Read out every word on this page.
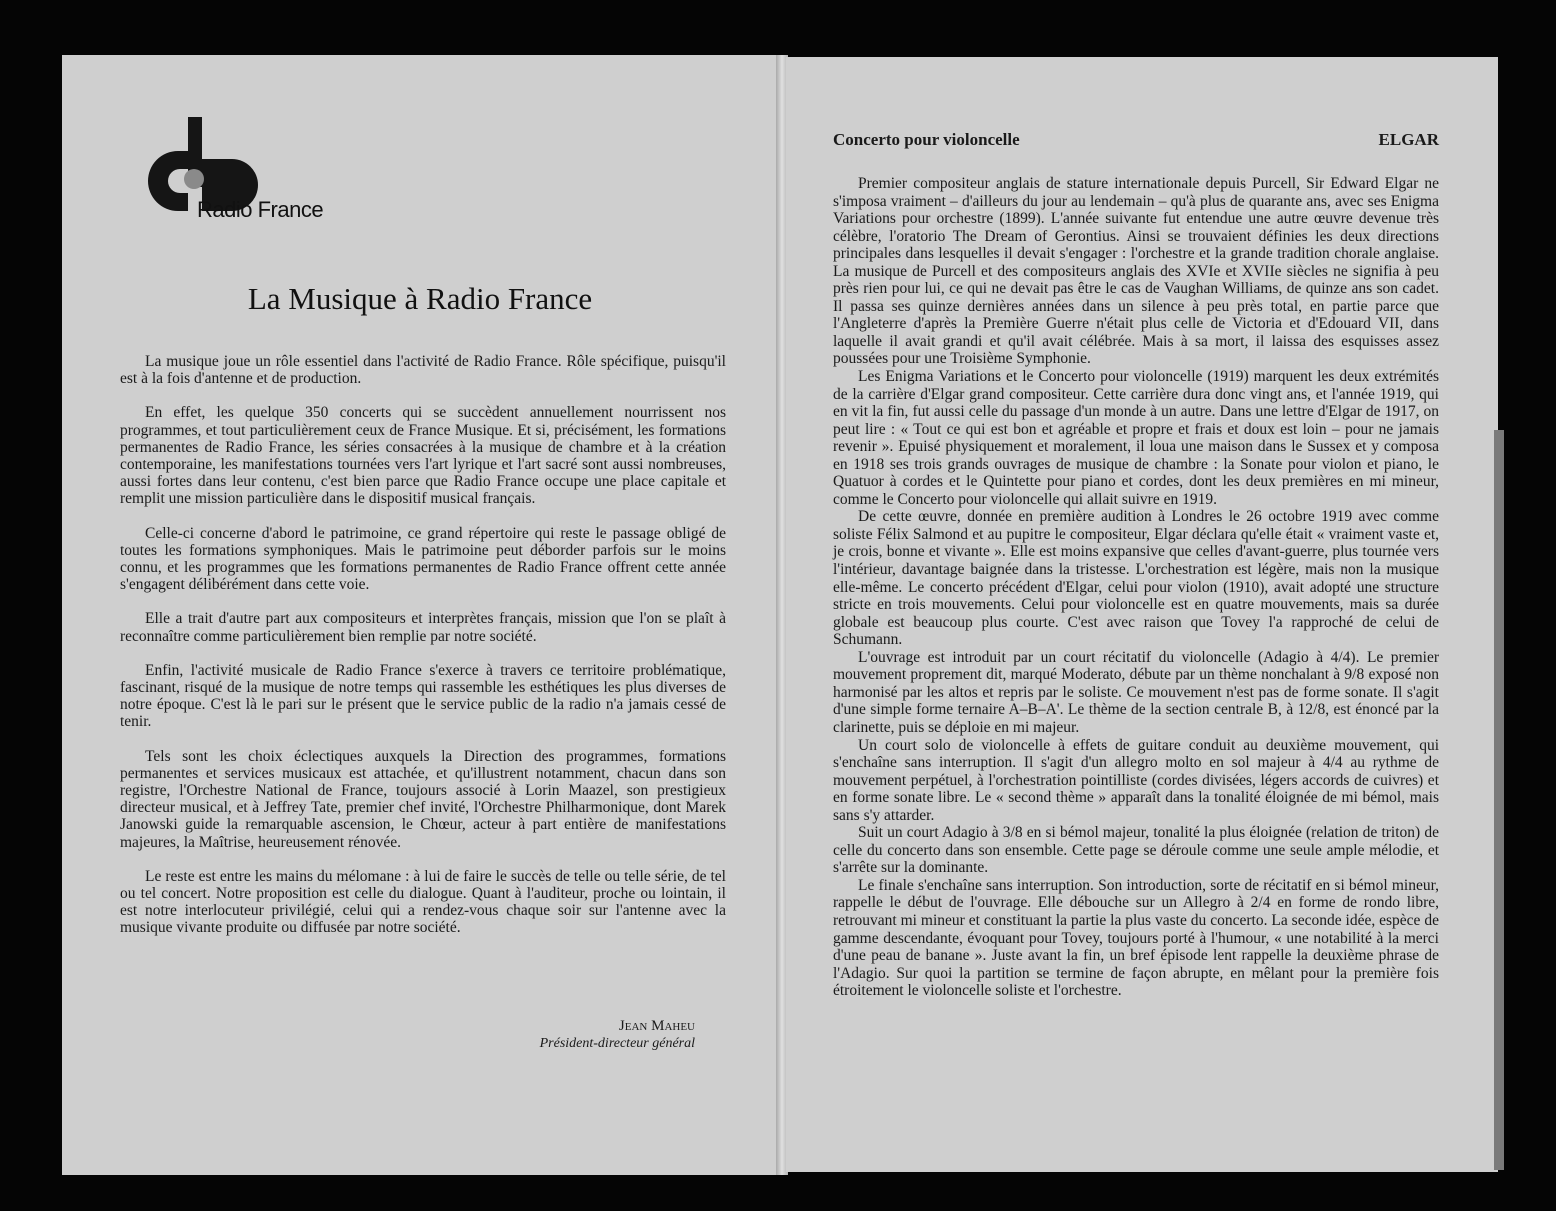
Radio France
La Musique à Radio France

La musique joue un rôle essentiel dans l'activité de Radio France. Rôle spécifique, puisqu'il est à la fois d'antenne et de production.

En effet, les quelque 350 concerts qui se succèdent annuellement nourrissent nos programmes, et tout particulièrement ceux de France Musique. Et si, précisément, les formations permanentes de Radio France, les séries consacrées à la musique de chambre et à la création contemporaine, les manifestations tournées vers l'art lyrique et l'art sacré sont aussi nombreuses, aussi fortes dans leur contenu, c'est bien parce que Radio France occupe une place capitale et remplit une mission particulière dans le dispositif musical français.

Celle-ci concerne d'abord le patrimoine, ce grand répertoire qui reste le passage obligé de toutes les formations symphoniques. Mais le patrimoine peut déborder parfois sur le moins connu, et les programmes que les formations permanentes de Radio France offrent cette année s'engagent délibérément dans cette voie.

Elle a trait d'autre part aux compositeurs et interprètes français, mission que l'on se plaît à reconnaître comme particulièrement bien remplie par notre société.

Enfin, l'activité musicale de Radio France s'exerce à travers ce territoire problématique, fascinant, risqué de la musique de notre temps qui rassemble les esthétiques les plus diverses de notre époque. C'est là le pari sur le présent que le service public de la radio n'a jamais cessé de tenir.

Tels sont les choix éclectiques auxquels la Direction des programmes, formations permanentes et services musicaux est attachée, et qu'illustrent notamment, chacun dans son registre, l'Orchestre National de France, toujours associé à Lorin Maazel, son prestigieux directeur musical, et à Jeffrey Tate, premier chef invité, l'Orchestre Philharmonique, dont Marek Janowski guide la remarquable ascension, le Chœur, acteur à part entière de manifestations majeures, la Maîtrise, heureusement rénovée.

Le reste est entre les mains du mélomane : à lui de faire le succès de telle ou telle série, de tel ou tel concert. Notre proposition est celle du dialogue. Quant à l'auditeur, proche ou lointain, il est notre interlocuteur privilégié, celui qui a rendez-vous chaque soir sur l'antenne avec la musique vivante produite ou diffusée par notre société.

Jean Maheu
Président-directeur général
Concerto pour violoncelle	ELGAR

Premier compositeur anglais de stature internationale depuis Purcell, Sir Edward Elgar ne s'imposa vraiment – d'ailleurs du jour au lendemain – qu'à plus de quarante ans, avec ses Enigma Variations pour orchestre (1899). L'année suivante fut entendue une autre œuvre devenue très célèbre, l'oratorio The Dream of Gerontius. Ainsi se trouvaient définies les deux directions principales dans lesquelles il devait s'engager : l'orchestre et la grande tradition chorale anglaise. La musique de Purcell et des compositeurs anglais des XVIe et XVIIe siècles ne signifia à peu près rien pour lui, ce qui ne devait pas être le cas de Vaughan Williams, de quinze ans son cadet. Il passa ses quinze dernières années dans un silence à peu près total, en partie parce que l'Angleterre d'après la Première Guerre n'était plus celle de Victoria et d'Edouard VII, dans laquelle il avait grandi et qu'il avait célébrée. Mais à sa mort, il laissa des esquisses assez poussées pour une Troisième Symphonie.

Les Enigma Variations et le Concerto pour violoncelle (1919) marquent les deux extrémités de la carrière d'Elgar grand compositeur. Cette carrière dura donc vingt ans, et l'année 1919, qui en vit la fin, fut aussi celle du passage d'un monde à un autre. Dans une lettre d'Elgar de 1917, on peut lire : « Tout ce qui est bon et agréable et propre et frais et doux est loin – pour ne jamais revenir ». Epuisé physiquement et moralement, il loua une maison dans le Sussex et y composa en 1918 ses trois grands ouvrages de musique de chambre : la Sonate pour violon et piano, le Quatuor à cordes et le Quintette pour piano et cordes, dont les deux premières en mi mineur, comme le Concerto pour violoncelle qui allait suivre en 1919.

De cette œuvre, donnée en première audition à Londres le 26 octobre 1919 avec comme soliste Félix Salmond et au pupitre le compositeur, Elgar déclara qu'elle était « vraiment vaste et, je crois, bonne et vivante ». Elle est moins expansive que celles d'avant-guerre, plus tournée vers l'intérieur, davantage baignée dans la tristesse. L'orchestration est légère, mais non la musique elle-même. Le concerto précédent d'Elgar, celui pour violon (1910), avait adopté une structure stricte en trois mouvements. Celui pour violoncelle est en quatre mouvements, mais sa durée globale est beaucoup plus courte. C'est avec raison que Tovey l'a rapproché de celui de Schumann.

L'ouvrage est introduit par un court récitatif du violoncelle (Adagio à 4/4). Le premier mouvement proprement dit, marqué Moderato, débute par un thème nonchalant à 9/8 exposé non harmonisé par les altos et repris par le soliste. Ce mouvement n'est pas de forme sonate. Il s'agit d'une simple forme ternaire A–B–A'. Le thème de la section centrale B, à 12/8, est énoncé par la clarinette, puis se déploie en mi majeur.

Un court solo de violoncelle à effets de guitare conduit au deuxième mouvement, qui s'enchaîne sans interruption. Il s'agit d'un allegro molto en sol majeur à 4/4 au rythme de mouvement perpétuel, à l'orchestration pointilliste (cordes divisées, légers accords de cuivres) et en forme sonate libre. Le « second thème » apparaît dans la tonalité éloignée de mi bémol, mais sans s'y attarder.

Suit un court Adagio à 3/8 en si bémol majeur, tonalité la plus éloignée (relation de triton) de celle du concerto dans son ensemble. Cette page se déroule comme une seule ample mélodie, et s'arrête sur la dominante.

Le finale s'enchaîne sans interruption. Son introduction, sorte de récitatif en si bémol mineur, rappelle le début de l'ouvrage. Elle débouche sur un Allegro à 2/4 en forme de rondo libre, retrouvant mi mineur et constituant la partie la plus vaste du concerto. La seconde idée, espèce de gamme descendante, évoquant pour Tovey, toujours porté à l'humour, « une notabilité à la merci d'une peau de banane ». Juste avant la fin, un bref épisode lent rappelle la deuxième phrase de l'Adagio. Sur quoi la partition se termine de façon abrupte, en mêlant pour la première fois étroitement le violoncelle soliste et l'orchestre.
